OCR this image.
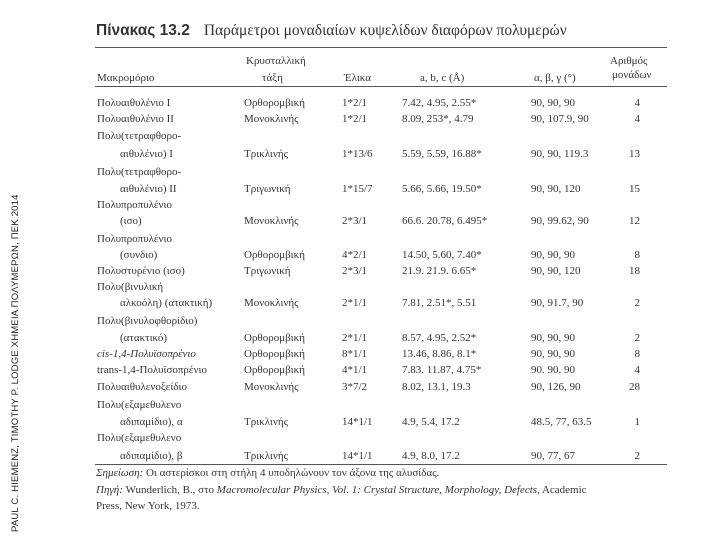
PAUL C. HIEMENZ, TIMOTHY P. LODGE ΧΗΜΕΙΑ ΠΟΛΥΜΕΡΩΝ, ΠΕΚ 2014
Πίνακας 13.2 Παράμετροι μοναδιαίων κυψελίδων διαφόρων πολυμερών
Μακρομόριο
Κρυσταλλική
τάξη	Έλικα	a, b, c (Å)	α, β, γ (°)
Αριθμός
μονάδων
Πολυαιθυλένιο I	Ορθορομβική	1*2/1	7.42, 4.95, 2.55*	90, 90, 90	4
Πολυαιθυλένιο II	Μονοκλινής	1*2/1	8.09, 253*, 4.79	90, 107.9, 90	4
Πολυ(τετραφθορο-
αιθυλένιο) I	Τρικλινής	1*13/6	5.59, 5.59, 16.88*	90, 90, 119.3	13
Πολυ(τετραφθορο-
αιθυλένιο) II	Τριγωνική	1*15/7	5.66, 5.66, 19.50*	90, 90, 120	15
Πολυπροπυλένιο
(ισο)	Μονοκλινής	2*3/1	66.6. 20.78, 6.495*	90, 99.62, 90	12
Πολυπροπυλένιο
(συνδιο)	Ορθορομβική	4*2/1	14.50, 5.60, 7.40*	90, 90, 90	8
Πολυστυρένιο (ισο)	Τριγωνική	2*3/1	21.9. 21.9. 6.65*	90, 90, 120	18
Πολυ(βινυλική
αλκοόλη) (ατακτική)	Μονοκλινής	2*1/1	7.81, 2.51*, 5.51	90, 91.7, 90	2
Πολυ(βινυλοφθορίδιο)
(ατακτικό)	Ορθορομβική	2*1/1	8.57, 4.95, 2.52*	90, 90, 90	2
cis-1,4-Πολυϊσοπρένιο	Ορθορομβική	8*1/1	13.46, 8.86, 8.1*	90, 90, 90	8
trans-1,4-Πολυϊσοπρένιο	Ορθορομβική	4*1/1	7.83. 11.87, 4.75*	90. 90. 90	4
Πολυαιθυλενοξείδιο	Μονοκλινής	3*7/2	8.02, 13.1, 19.3	90, 126, 90	28
Πολυ(εξαμεθυλενο
αδιπαμίδιο), α	Τρικλινής	14*1/1	4.9, 5.4, 17.2	48.5, 77, 63.5	1
Πολυ(εξαμεθυλενο
αδιπαμίδιο), β	Τρικλινής	14*1/1	4.9, 8.0, 17.2	90, 77, 67	2
Σημείωση: Οι αστερίσκοι στη στήλη 4 υποδηλώνουν τον άξονα της αλυσίδας.
Πηγή: Wunderlich, B., στο Macromolecular Physics, Vol. 1: Crystal Structure, Morphology, Defects, Academic
Press, New York, 1973.
